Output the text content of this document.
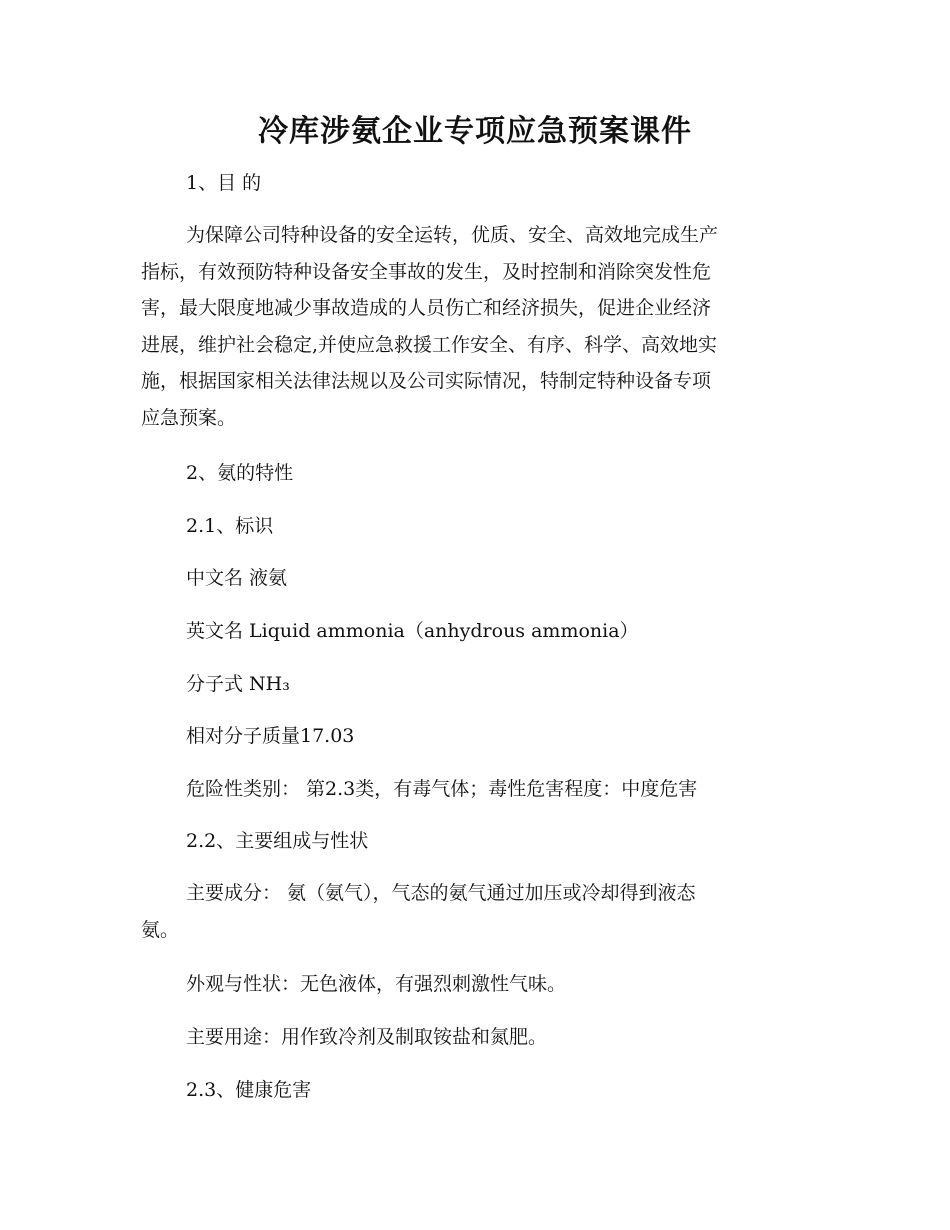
冷库涉氨企业专项应急预案课件
1、目 的
为保障公司特种设备的安全运转，优质、安全、高效地完成生产
指标，有效预防特种设备安全事故的发生，及时控制和消除突发性危
害，最大限度地减少事故造成的人员伤亡和经济损失，促进企业经济
进展，维护社会稳定,并使应急救援工作安全、有序、科学、高效地实
施，根据国家相关法律法规以及公司实际情况，特制定特种设备专项
应急预案。
2、氨的特性
2.1、标识
中文名 液氨
英文名 Liquid ammonia（anhydrous ammonia）
分子式 NH₃
相对分子质量17.03
危险性类别： 第2.3类，有毒气体；毒性危害程度：中度危害
2.2、主要组成与性状
主要成分： 氨（氨气），气态的氨气通过加压或冷却得到液态
氨。
外观与性状：无色液体，有强烈刺激性气味。
主要用途：用作致冷剂及制取铵盐和氮肥。
2.3、健康危害
